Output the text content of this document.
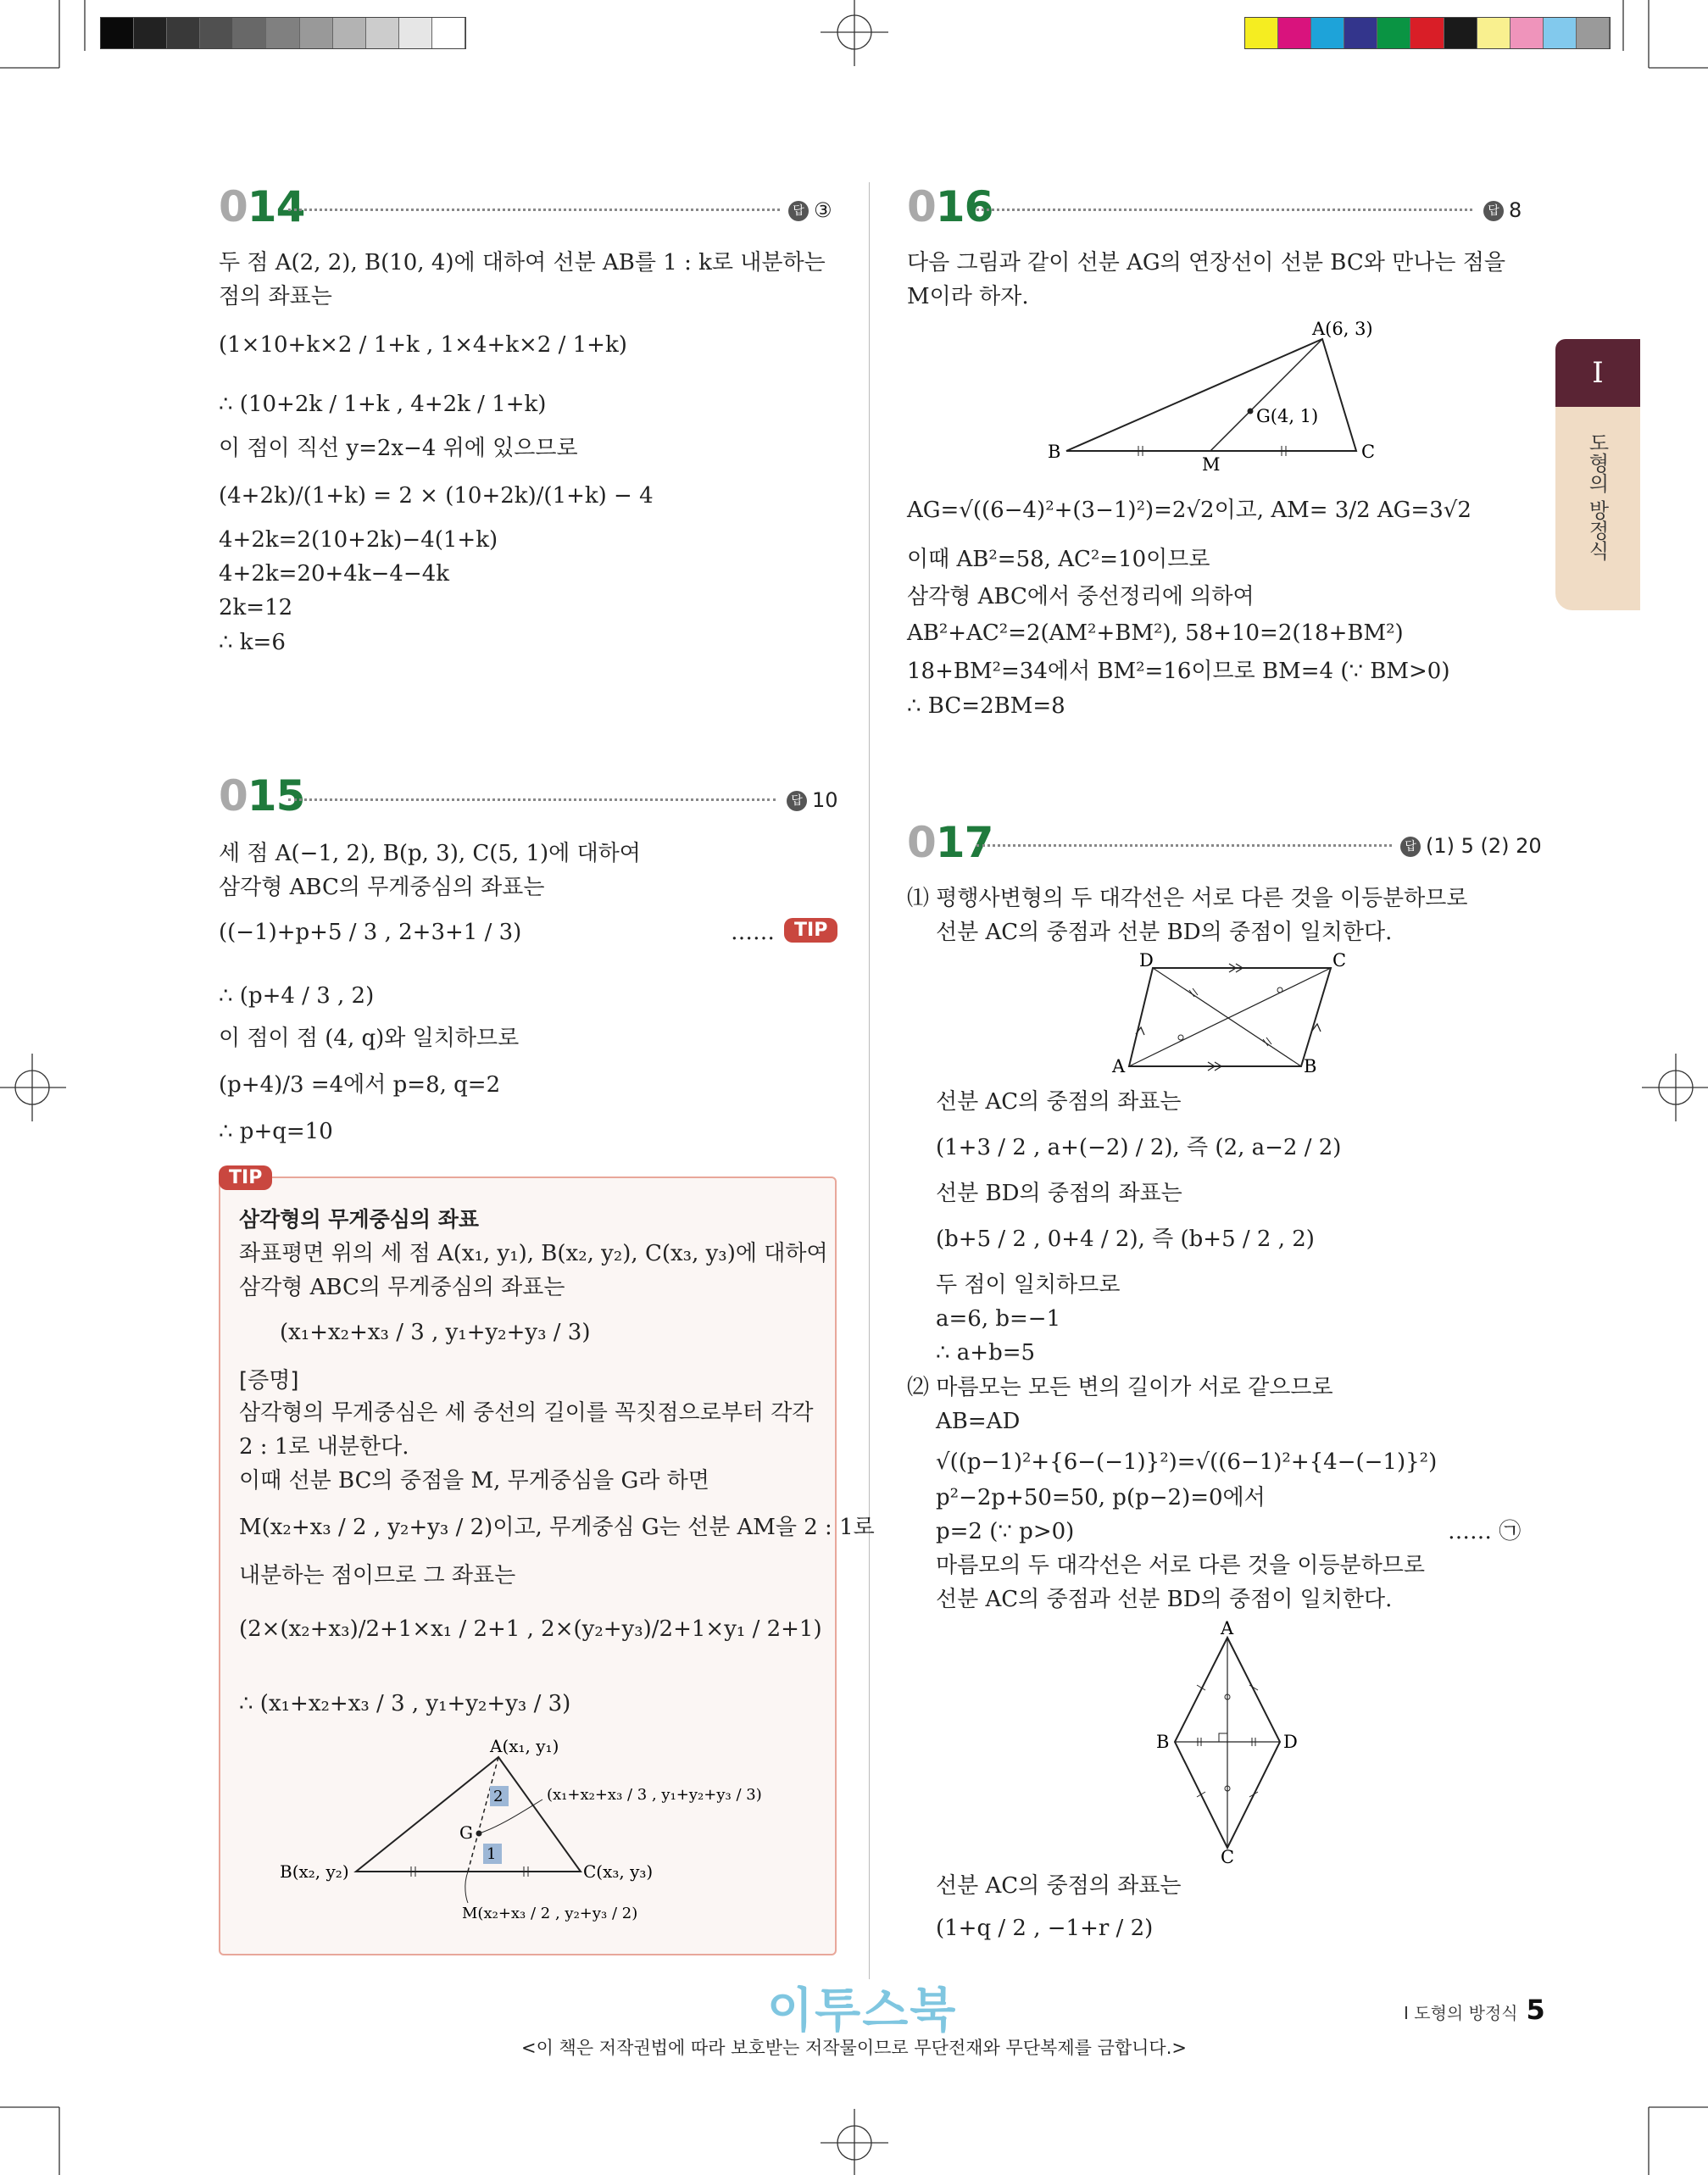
I
도형의 방정식
014	답 ③
두 점 A(2, 2), B(10, 4)에 대하여 선분 AB를 1 : k로 내분하는
점의 좌표는
(1×10+k×2 / 1+k , 1×4+k×2 / 1+k)
∴ (10+2k / 1+k , 4+2k / 1+k)
이 점이 직선 y=2x−4 위에 있으므로
(4+2k)/(1+k) = 2 × (10+2k)/(1+k) − 4
4+2k=2(10+2k)−4(1+k)
4+2k=20+4k−4−4k
2k=12
∴ k=6
015	답 10
세 점 A(−1, 2), B(p, 3), C(5, 1)에 대하여
삼각형 ABC의 무게중심의 좌표는
((−1)+p+5 / 3 , 2+3+1 / 3)	……	TIP
∴ (p+4 / 3 , 2)
이 점이 점 (4, q)와 일치하므로
(p+4)/3 =4에서 p=8, q=2
∴ p+q=10
TIP
삼각형의 무게중심의 좌표
좌표평면 위의 세 점 A(x₁, y₁), B(x₂, y₂), C(x₃, y₃)에 대하여
삼각형 ABC의 무게중심의 좌표는
(x₁+x₂+x₃ / 3 , y₁+y₂+y₃ / 3)
[증명]
삼각형의 무게중심은 세 중선의 길이를 꼭짓점으로부터 각각
2 : 1로 내분한다.
이때 선분 BC의 중점을 M, 무게중심을 G라 하면
M(x₂+x₃ / 2 , y₂+y₃ / 2)이고, 무게중심 G는 선분 AM을 2 : 1로
내분하는 점이므로 그 좌표는
(2×(x₂+x₃)/2+1×x₁ / 2+1 , 2×(y₂+y₃)/2+1×y₁ / 2+1)
∴ (x₁+x₂+x₃ / 3 , y₁+y₂+y₃ / 3)
2
1
A(x₁, y₁)
B(x₂, y₂)	C(x₃, y₃)
G
M(x₂+x₃ / 2 , y₂+y₃ / 2)
(x₁+x₂+x₃ / 3 , y₁+y₂+y₃ / 3)
016	답 8
다음 그림과 같이 선분 AG의 연장선이 선분 BC와 만나는 점을
M이라 하자.
A(6, 3)
G(4, 1)
B
M
C
AG=√((6−4)²+(3−1)²)=2√2이고, AM= 3/2 AG=3√2
이때 AB²=58, AC²=10이므로
삼각형 ABC에서 중선정리에 의하여
AB²+AC²=2(AM²+BM²), 58+10=2(18+BM²)
18+BM²=34에서 BM²=16이므로 BM=4 (∵ BM>0)
∴ BC=2BM=8
017	답 (1) 5 (2) 20
⑴ 평행사변형의 두 대각선은 서로 다른 것을 이등분하므로
선분 AC의 중점과 선분 BD의 중점이 일치한다.
D	C
A	B
선분 AC의 중점의 좌표는
(1+3 / 2 , a+(−2) / 2), 즉 (2, a−2 / 2)
선분 BD의 중점의 좌표는
(b+5 / 2 , 0+4 / 2), 즉 (b+5 / 2 , 2)
두 점이 일치하므로
a=6, b=−1
∴ a+b=5
⑵ 마름모는 모든 변의 길이가 서로 같으므로
AB=AD
√((p−1)²+{6−(−1)}²)=√((6−1)²+{4−(−1)}²)
p²−2p+50=50, p(p−2)=0에서
p=2 (∵ p>0)	…… ㉠
마름모의 두 대각선은 서로 다른 것을 이등분하므로
선분 AC의 중점과 선분 BD의 중점이 일치한다.
A
B	D
C
선분 AC의 중점의 좌표는
(1+q / 2 , −1+r / 2)
이투스북	I 도형의 방정식 5
<이 책은 저작권법에 따라 보호받는 저작물이므로 무단전재와 무단복제를 금합니다.>
